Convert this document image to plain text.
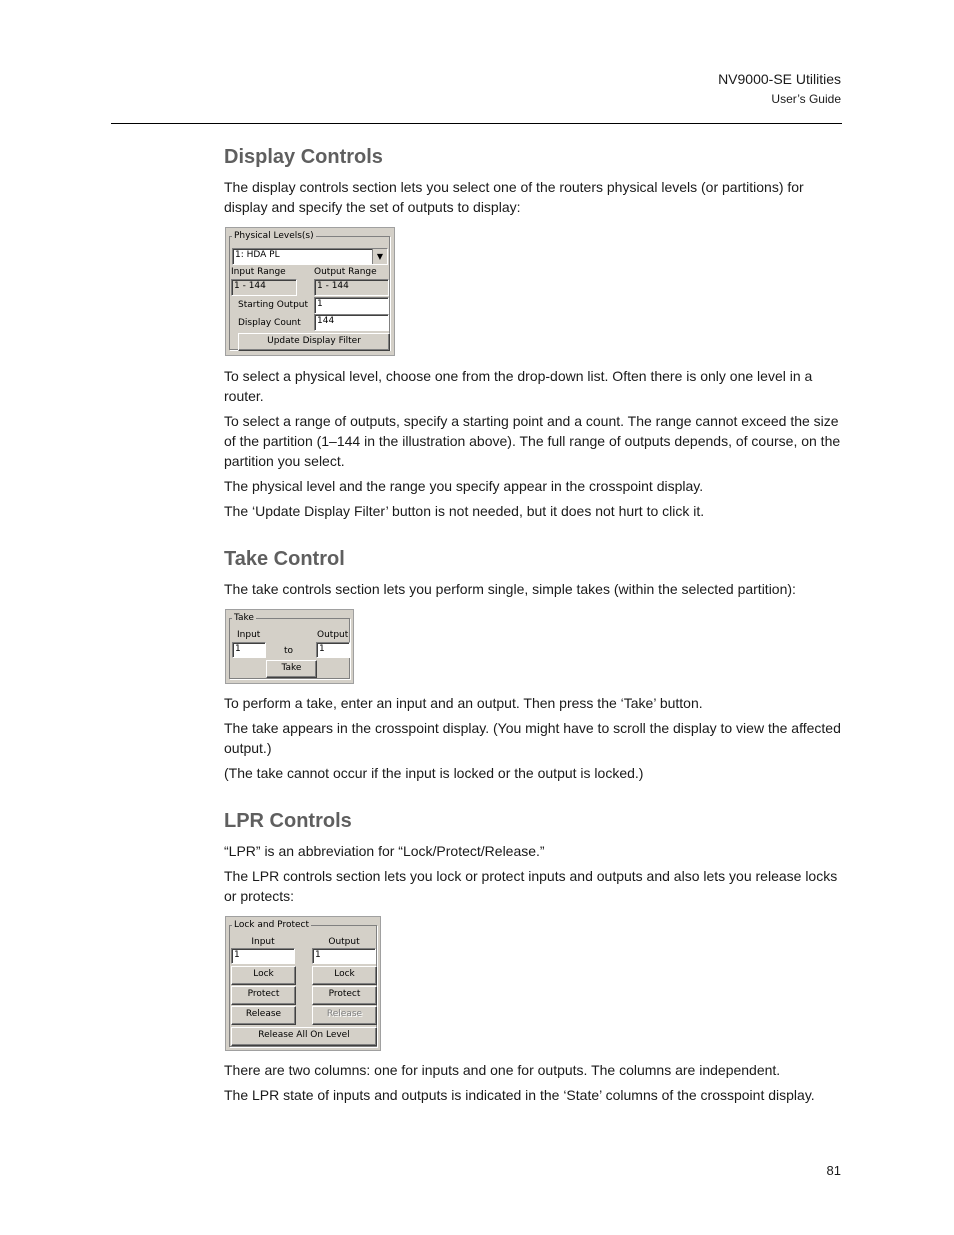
NV9000-SE Utilities
User’s Guide
Display Controls
The display controls section lets you select one of the routers physical levels (or partitions) for display and specify the set of outputs to display:
Physical Levels(s)
1: HDA PL	▼
Input Range	Output Range
1 - 144	1 - 144
Starting Output 1
Display Count	144
Update Display Filter
To select a physical level, choose one from the drop-down list. Often there is only one level in a router.
To select a range of outputs, specify a starting point and a count. The range cannot exceed the size of the partition (1–144 in the illustration above). The full range of outputs depends, of course, on the partition you select.
The physical level and the range you specify appear in the crosspoint display.
The ‘Update Display Filter’ button is not needed, but it does not hurt to click it.
Take Control
The take controls section lets you perform single, simple takes (within the selected partition):
Take
Input	Output
1	to	1
Take
To perform a take, enter an input and an output. Then press the ‘Take’ button.
The take appears in the crosspoint display. (You might have to scroll the display to view the affected output.)
(The take cannot occur if the input is locked or the output is locked.)
LPR Controls
“LPR” is an abbreviation for “Lock/Protect/Release.”
The LPR controls section lets you lock or protect inputs and outputs and also lets you release locks or protects:
Lock and Protect
Input	Output
1	1
Lock	Lock
Protect	Protect
Release	Release
Release All On Level
There are two columns: one for inputs and one for outputs. The columns are independent.
The LPR state of inputs and outputs is indicated in the ‘State’ columns of the crosspoint display.
81
